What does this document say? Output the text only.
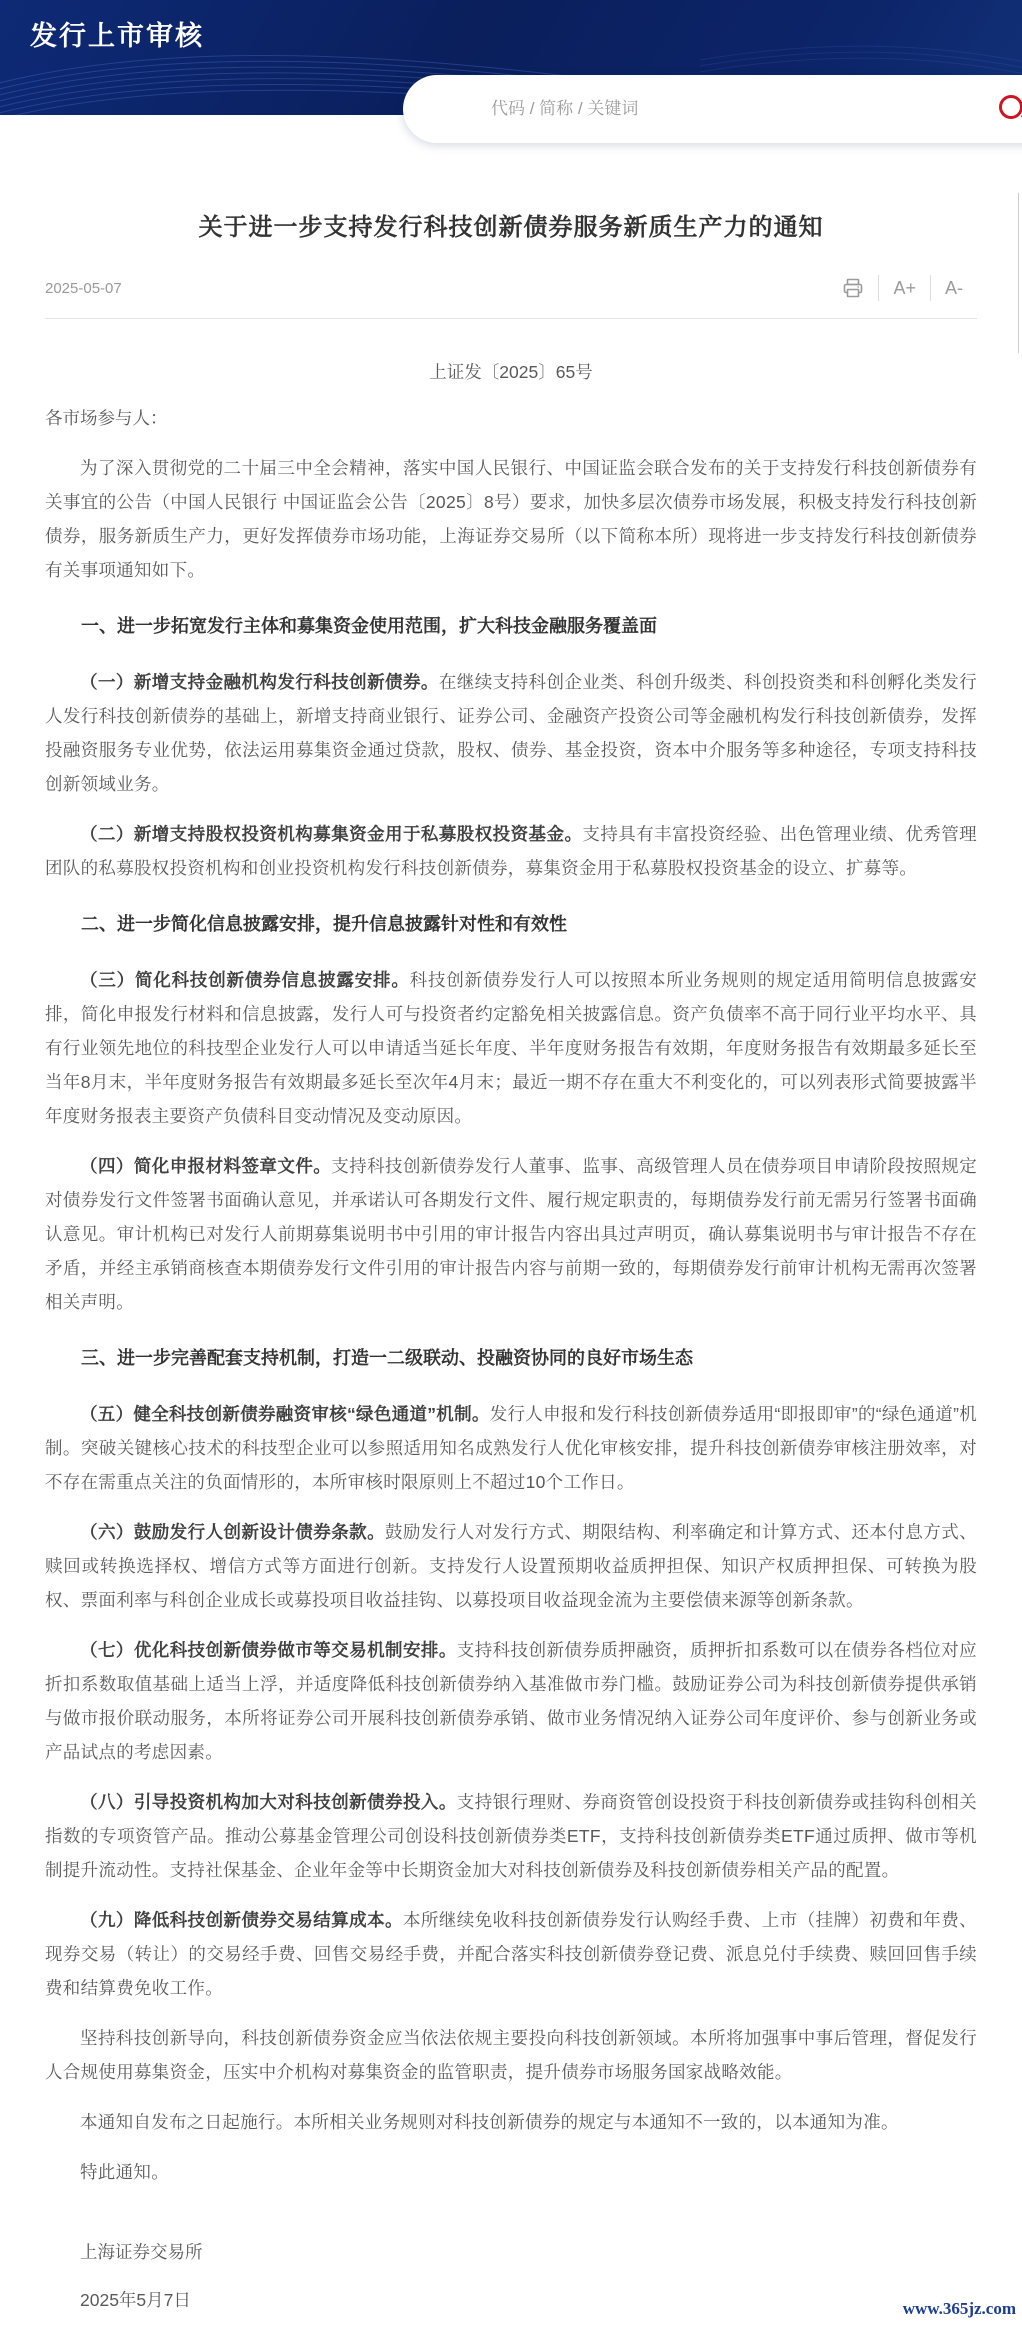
发行上市审核
代码 / 简称 / 关键词
关于进一步支持发行科技创新债券服务新质生产力的通知
2025-05-07	A+	A-
上证发〔2025〕65号
各市场参与人：

为了深入贯彻党的二十届三中全会精神，落实中国人民银行、中国证监会联合发布的关于支持发行科技创新债券有关事宜的公告（中国人民银行 中国证监会公告〔2025〕8号）要求，加快多层次债券市场发展，积极支持发行科技创新债券，服务新质生产力，更好发挥债券市场功能，上海证券交易所（以下简称本所）现将进一步支持发行科技创新债券有关事项通知如下。

一、进一步拓宽发行主体和募集资金使用范围，扩大科技金融服务覆盖面

（一）新增支持金融机构发行科技创新债券。在继续支持科创企业类、科创升级类、科创投资类和科创孵化类发行人发行科技创新债券的基础上，新增支持商业银行、证券公司、金融资产投资公司等金融机构发行科技创新债券，发挥投融资服务专业优势，依法运用募集资金通过贷款，股权、债券、基金投资，资本中介服务等多种途径，专项支持科技创新领域业务。

（二）新增支持股权投资机构募集资金用于私募股权投资基金。支持具有丰富投资经验、出色管理业绩、优秀管理团队的私募股权投资机构和创业投资机构发行科技创新债券，募集资金用于私募股权投资基金的设立、扩募等。

二、进一步简化信息披露安排，提升信息披露针对性和有效性

（三）简化科技创新债券信息披露安排。科技创新债券发行人可以按照本所业务规则的规定适用简明信息披露安排，简化申报发行材料和信息披露，发行人可与投资者约定豁免相关披露信息。资产负债率不高于同行业平均水平、具有行业领先地位的科技型企业发行人可以申请适当延长年度、半年度财务报告有效期，年度财务报告有效期最多延长至当年8月末，半年度财务报告有效期最多延长至次年4月末；最近一期不存在重大不利变化的，可以列表形式简要披露半年度财务报表主要资产负债科目变动情况及变动原因。

（四）简化申报材料签章文件。支持科技创新债券发行人董事、监事、高级管理人员在债券项目申请阶段按照规定对债券发行文件签署书面确认意见，并承诺认可各期发行文件、履行规定职责的，每期债券发行前无需另行签署书面确认意见。审计机构已对发行人前期募集说明书中引用的审计报告内容出具过声明页，确认募集说明书与审计报告不存在矛盾，并经主承销商核查本期债券发行文件引用的审计报告内容与前期一致的，每期债券发行前审计机构无需再次签署相关声明。

三、进一步完善配套支持机制，打造一二级联动、投融资协同的良好市场生态

（五）健全科技创新债券融资审核“绿色通道”机制。发行人申报和发行科技创新债券适用“即报即审”的“绿色通道”机制。突破关键核心技术的科技型企业可以参照适用知名成熟发行人优化审核安排，提升科技创新债券审核注册效率，对不存在需重点关注的负面情形的，本所审核时限原则上不超过10个工作日。

（六）鼓励发行人创新设计债券条款。鼓励发行人对发行方式、期限结构、利率确定和计算方式、还本付息方式、赎回或转换选择权、增信方式等方面进行创新。支持发行人设置预期收益质押担保、知识产权质押担保、可转换为股权、票面利率与科创企业成长或募投项目收益挂钩、以募投项目收益现金流为主要偿债来源等创新条款。

（七）优化科技创新债券做市等交易机制安排。支持科技创新债券质押融资，质押折扣系数可以在债券各档位对应折扣系数取值基础上适当上浮，并适度降低科技创新债券纳入基准做市券门槛。鼓励证券公司为科技创新债券提供承销与做市报价联动服务，本所将证券公司开展科技创新债券承销、做市业务情况纳入证券公司年度评价、参与创新业务或产品试点的考虑因素。

（八）引导投资机构加大对科技创新债券投入。支持银行理财、券商资管创设投资于科技创新债券或挂钩科创相关指数的专项资管产品。推动公募基金管理公司创设科技创新债券类ETF，支持科技创新债券类ETF通过质押、做市等机制提升流动性。支持社保基金、企业年金等中长期资金加大对科技创新债券及科技创新债券相关产品的配置。

（九）降低科技创新债券交易结算成本。本所继续免收科技创新债券发行认购经手费、上市（挂牌）初费和年费、现券交易（转让）的交易经手费、回售交易经手费，并配合落实科技创新债券登记费、派息兑付手续费、赎回回售手续费和结算费免收工作。

坚持科技创新导向，科技创新债券资金应当依法依规主要投向科技创新领域。本所将加强事中事后管理，督促发行人合规使用募集资金，压实中介机构对募集资金的监管职责，提升债券市场服务国家战略效能。

本通知自发布之日起施行。本所相关业务规则对科技创新债券的规定与本通知不一致的，以本通知为准。

特此通知。

上海证券交易所
2025年5月7日	www.365jz.com
